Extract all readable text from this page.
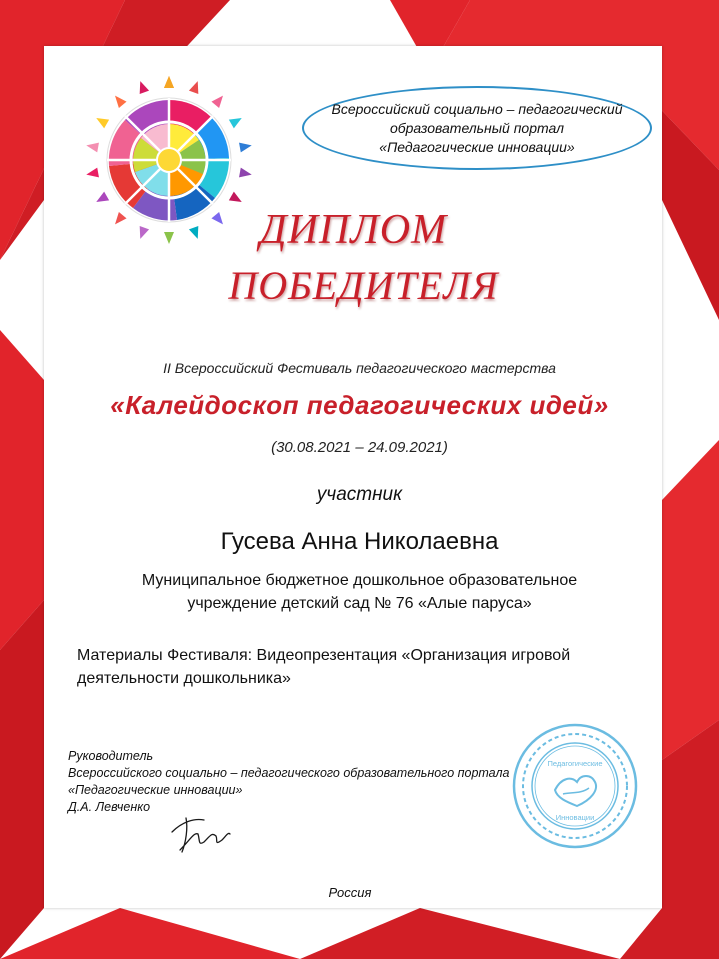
Всероссийский социально – педагогический
образовательный портал
«Педагогические инновации»
ДИПЛОМ
ПОБЕДИТЕЛЯ
II Всероссийский Фестиваль педагогического мастерства
«Калейдоскоп педагогических идей»
(30.08.2021 – 24.09.2021)
участник
Гусева Анна Николаевна
Муниципальное бюджетное дошкольное образовательное
учреждение детский сад № 76 «Алые паруса»
Материалы Фестиваля: Видеопрезентация «Организация игровой
деятельности дошкольника»
Руководитель
Всероссийского социально – педагогического образовательного портала
«Педагогические инновации»
Д.А. Левченко
Педагогические
Инновации
Россия
